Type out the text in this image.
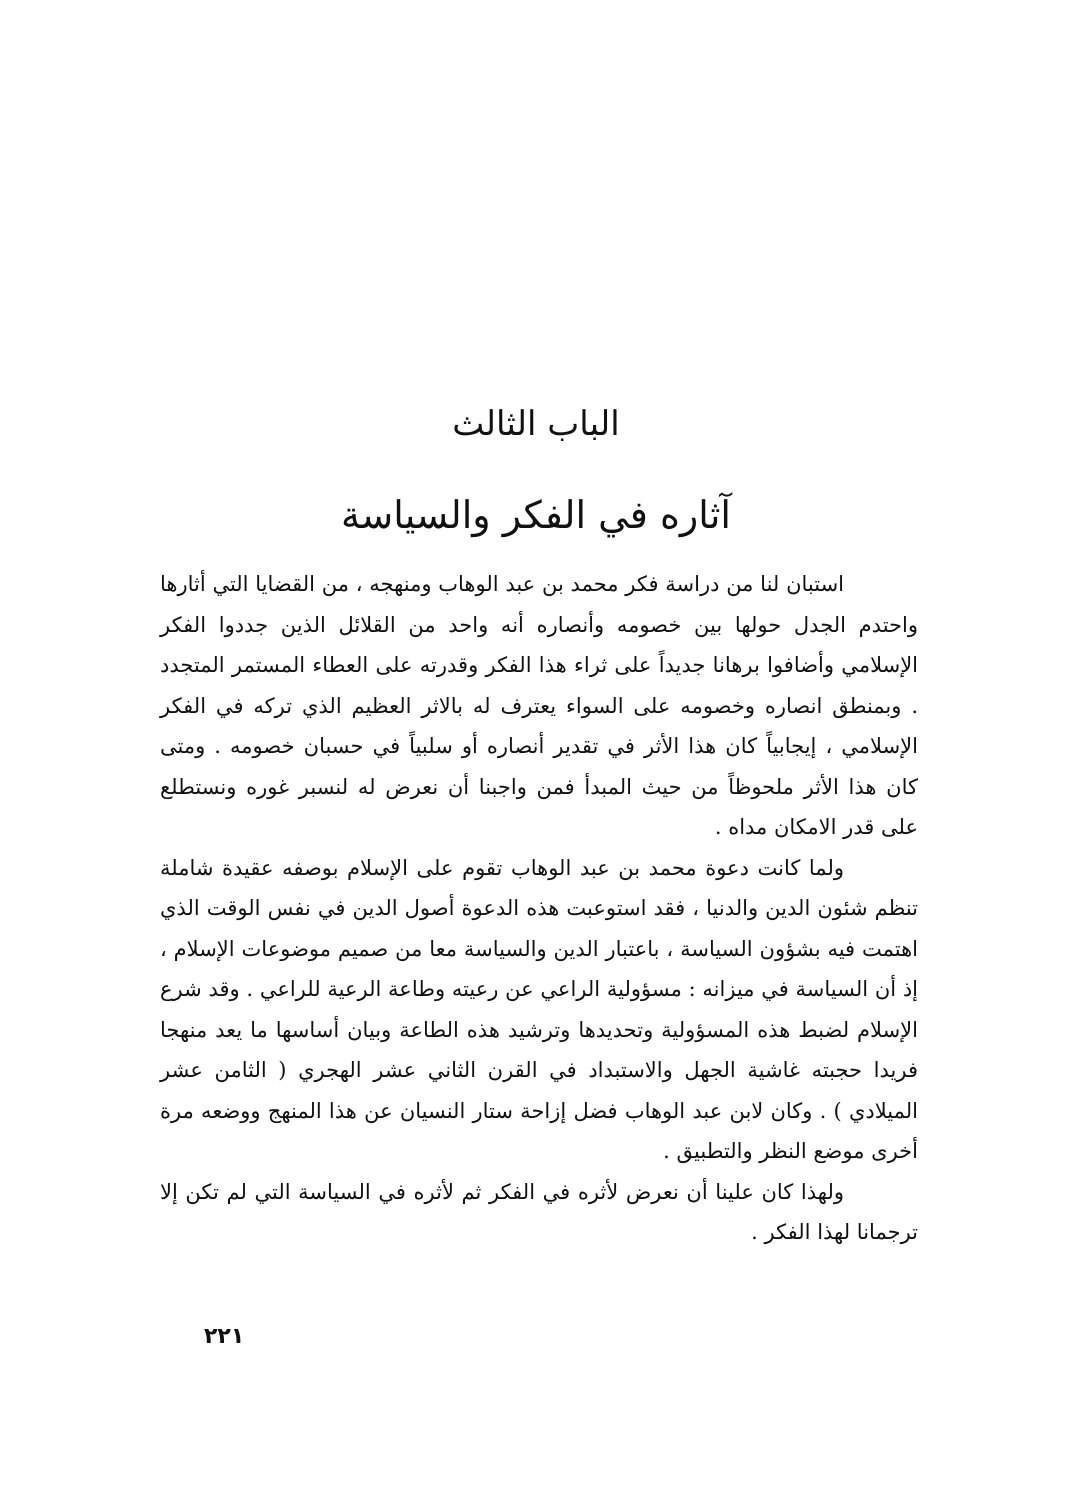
الباب الثالث
آثاره في الفكر والسياسة

استبان لنا من دراسة فكر محمد بن عبد الوهاب ومنهجه ، من القضايا التي أثارها واحتدم الجدل حولها بين خصومه وأنصاره أنه واحد من القلائل الذين جددوا الفكر الإسلامي وأضافوا برهانا جديداً على ثراء هذا الفكر وقدرته على العطاء المستمر المتجدد . وبمنطق انصاره وخصومه على السواء يعترف له بالاثر العظيم الذي تركه في الفكر الإسلامي ، إيجابياً كان هذا الأثر في تقدير أنصاره أو سلبياً في حسبان خصومه . ومتى كان هذا الأثر ملحوظاً من حيث المبدأ فمن واجبنا أن نعرض له لنسبر غوره ونستطلع على قدر الامكان مداه .

ولما كانت دعوة محمد بن عبد الوهاب تقوم على الإسلام بوصفه عقيدة شاملة تنظم شئون الدين والدنيا ، فقد استوعبت هذه الدعوة أصول الدين في نفس الوقت الذي اهتمت فيه بشؤون السياسة ، باعتبار الدين والسياسة معا من صميم موضوعات الإسلام ، إذ أن السياسة في ميزانه : مسؤولية الراعي عن رعيته وطاعة الرعية للراعي . وقد شرع الإسلام لضبط هذه المسؤولية وتحديدها وترشيد هذه الطاعة وبيان أساسها ما يعد منهجا فريدا حجبته غاشية الجهل والاستبداد في القرن الثاني عشر الهجري ( الثامن عشر الميلادي ) . وكان لابن عبد الوهاب فضل إزاحة ستار النسيان عن هذا المنهج ووضعه مرة أخرى موضع النظر والتطبيق .

ولهذا كان علينا أن نعرض لأثره في الفكر ثم لأثره في السياسة التي لم تكن إلا ترجمانا لهذا الفكر .

٢٢١
